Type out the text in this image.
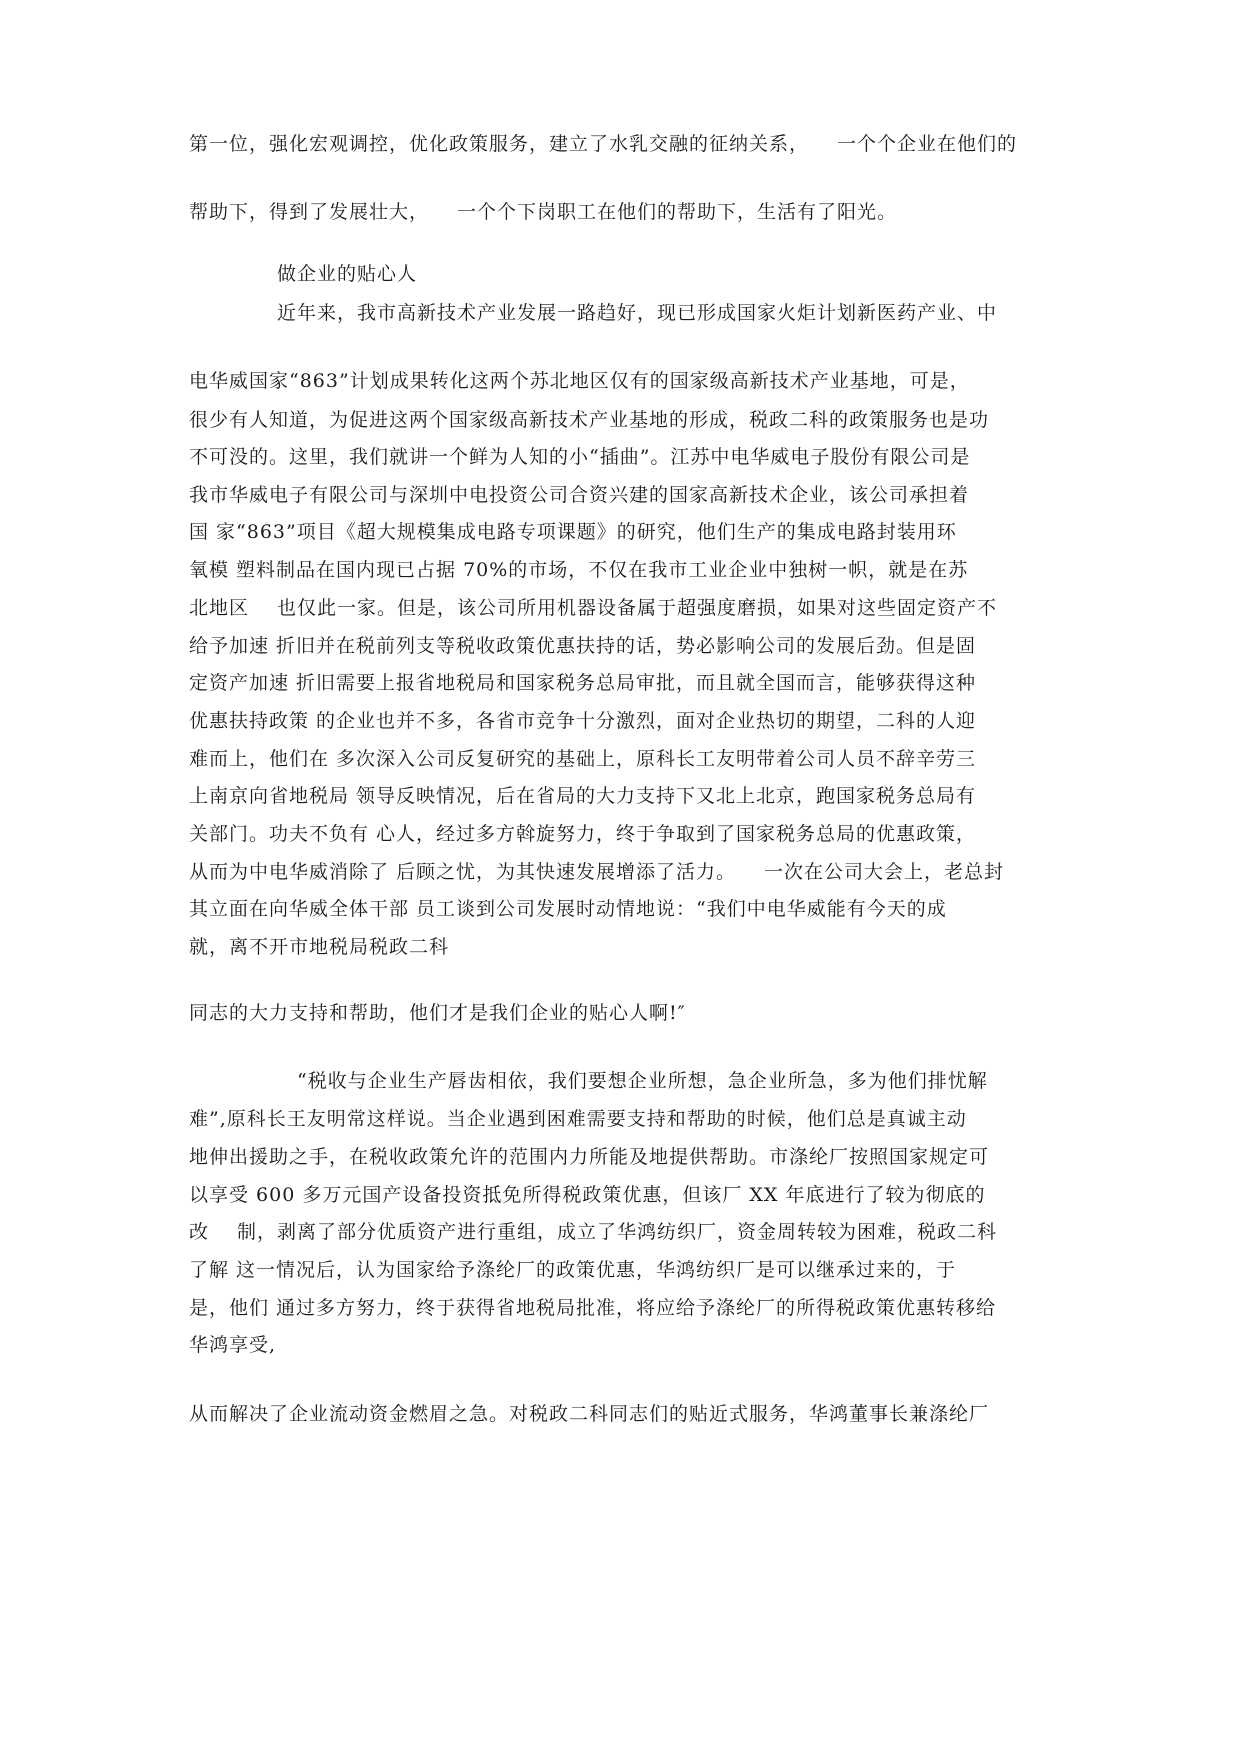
第一位，强化宏观调控，优化政策服务，建立了水乳交融的征纳关系， 一个个企业在他们的
帮助下，得到了发展壮大， 一个个下岗职工在他们的帮助下，生活有了阳光。
做企业的贴心人
近年来，我市高新技术产业发展一路趋好，现已形成国家火炬计划新医药产业、中
电华威国家“863”计划成果转化这两个苏北地区仅有的国家级高新技术产业基地，可是，
很少有人知道，为促进这两个国家级高新技术产业基地的形成，税政二科的政策服务也是功
不可没的。这里，我们就讲一个鲜为人知的小“插曲”。江苏中电华威电子股份有限公司是
我市华威电子有限公司与深圳中电投资公司合资兴建的国家高新技术企业，该公司承担着
国 家“863”项目《超大规模集成电路专项课题》的研究，他们生产的集成电路封装用环
氧模 塑料制品在国内现已占据 70%的市场，不仅在我市工业企业中独树一帜，就是在苏
北地区 也仅此一家。但是，该公司所用机器设备属于超强度磨损，如果对这些固定资产不
给予加速 折旧并在税前列支等税收政策优惠扶持的话，势必影响公司的发展后劲。但是固
定资产加速 折旧需要上报省地税局和国家税务总局审批，而且就全国而言，能够获得这种
优惠扶持政策 的企业也并不多，各省市竞争十分激烈，面对企业热切的期望，二科的人迎
难而上，他们在 多次深入公司反复研究的基础上，原科长工友明带着公司人员不辞辛劳三
上南京向省地税局 领导反映情况，后在省局的大力支持下又北上北京，跑国家税务总局有
关部门。功夫不负有 心人，经过多方斡旋努力，终于争取到了国家税务总局的优惠政策，
从而为中电华威消除了 后顾之忧，为其快速发展增添了活力。 一次在公司大会上，老总封
其立面在向华威全体干部 员工谈到公司发展时动情地说：“我们中电华威能有今天的成
就，离不开市地税局税政二科
同志的大力支持和帮助，他们才是我们企业的贴心人啊!″
“税收与企业生产唇齿相依，我们要想企业所想，急企业所急，多为他们排忧解
难”,原科长王友明常这样说。当企业遇到困难需要支持和帮助的时候，他们总是真诚主动
地伸出援助之手，在税收政策允许的范围内力所能及地提供帮助。市涤纶厂按照国家规定可
以享受 600 多万元国产设备投资抵免所得税政策优惠，但该厂 XX 年底进行了较为彻底的
改 制，剥离了部分优质资产进行重组，成立了华鸿纺织厂，资金周转较为困难，税政二科
了解 这一情况后，认为国家给予涤纶厂的政策优惠，华鸿纺织厂是可以继承过来的，于
是，他们 通过多方努力，终于获得省地税局批准，将应给予涤纶厂的所得税政策优惠转移给
华鸿享受,
从而解决了企业流动资金燃眉之急。对税政二科同志们的贴近式服务，华鸿董事长兼涤纶厂
